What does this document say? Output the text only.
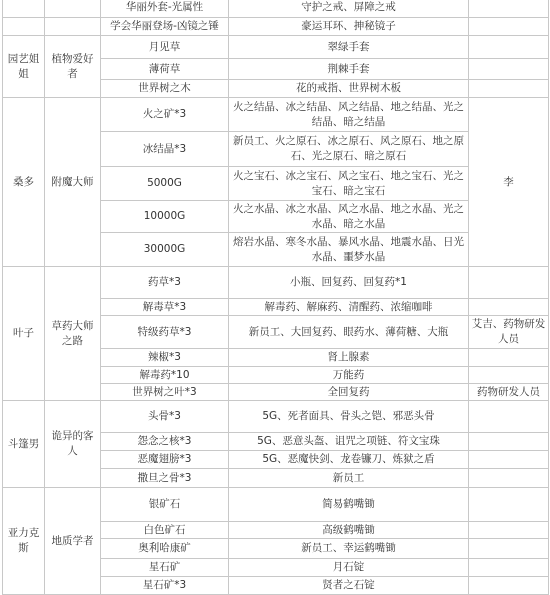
		华丽外套-光属性	守护之戒、屏障之戒	
		学会华丽登场-凶镜之锤	豪运耳环、抻秘镜子	
园艺姐姐	植物爱好者	月见草	翠绿手套	
		薄荷草	荆棘手套	
		世界树之木	花的戒指、世界树木板	
桑多	附魔大师	火之矿*3	火之结晶、冰之结晶、风之结晶、地之结晶、光之结晶、暗之结晶	李
		冰结晶*3	新员工、火之原石、冰之原石、风之原石、地之原石、光之原石、暗之原石	
		5000G	火之宝石、冰之宝石、风之宝石、地之宝石、光之宝石、暗之宝石	
		10000G	火之水晶、冰之水晶、风之水晶、地之水晶、光之水晶、暗之水晶	
		30000G	熔岩水晶、寒冬水晶、暴风水晶、地震水晶、日光水晶、噩梦水晶	
叶子	草药大师之路	药草*3	小瓶、回复药、回复药*1	
		解毒草*3	解毒药、解麻药、清醒药、浓缩咖啡	
		特级药草*3	新员工、大回复药、眼药水、薄荷糖、大瓶	艾吉、药物研发人员
		辣椒*3	肾上腺素	
		解毒药*10	万能药	
		世界树之叶*3	全回复药	药物研发人员
斗篷男	诡异的客人	头骨*3	5G、死者面具、骨头之铠、邪恶头骨	
		怨念之核*3	5G、恶意头盔、诅咒之项链、符文宝珠	
		恶魔翅膀*3	5G、恶魔快剑、龙卷镰刀、炼狱之盾	
		撒旦之骨*3	新员工	
亚力克斯	地质学者	银矿石	简易鹤嘴锄	
		白色矿石	高级鹤嘴锄	
		奥利哈康矿	新员工、幸运鹤嘴锄	
		星石矿	月石锭	
		星石矿*3	贤者之石锭	
